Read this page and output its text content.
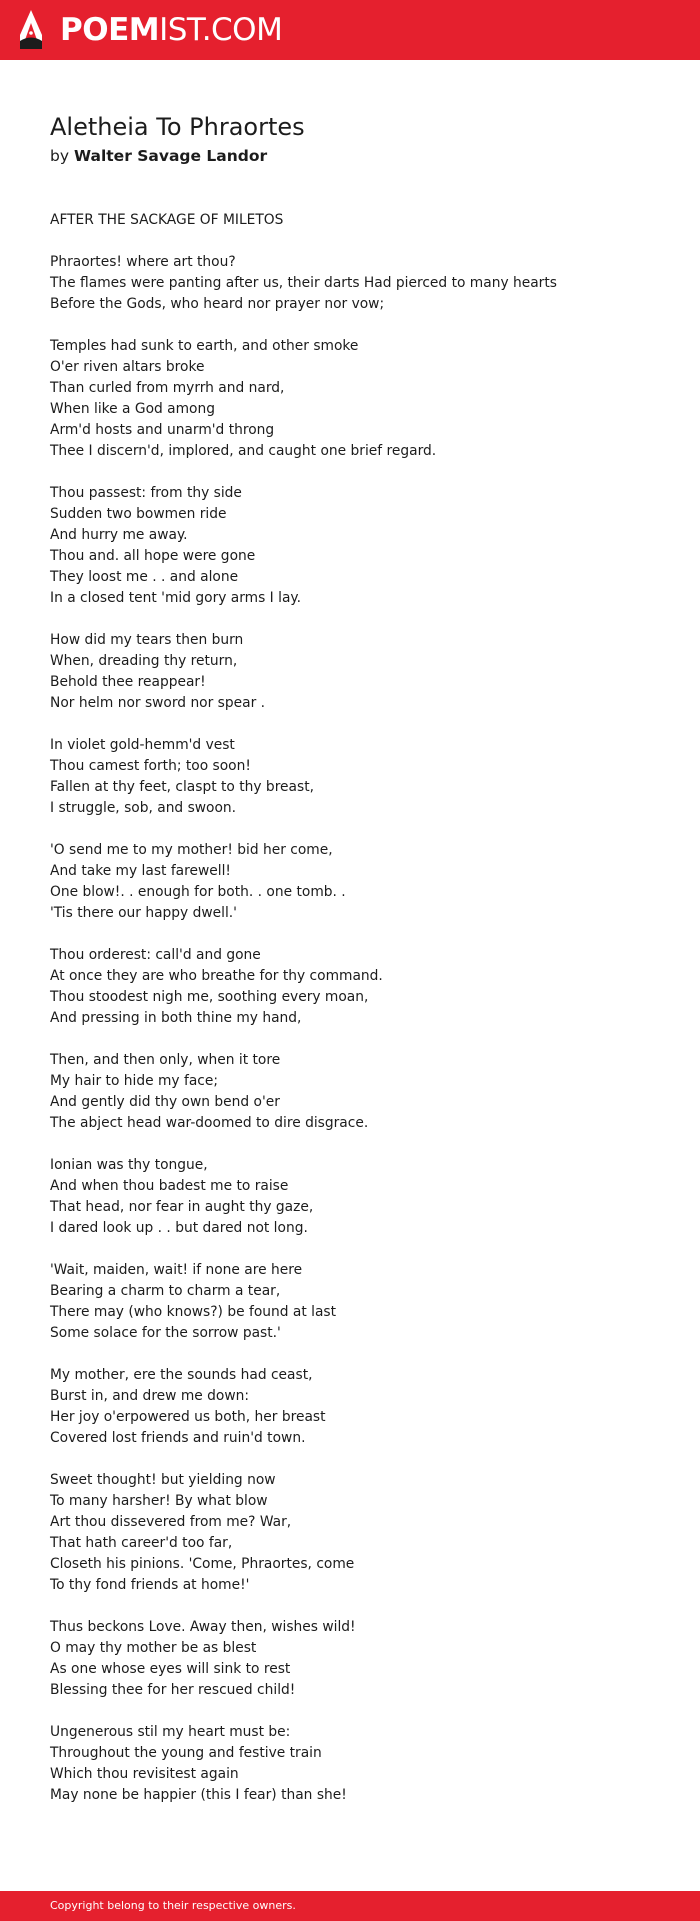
POEMIST.COM
Aletheia To Phraortes

by Walter Savage Landor

AFTER THE SACKAGE OF MILETOS

Phraortes! where art thou?
The flames were panting after us, their darts Had pierced to many hearts
Before the Gods, who heard nor prayer nor vow;

Temples had sunk to earth, and other smoke
O'er riven altars broke
Than curled from myrrh and nard,
When like a God among
Arm'd hosts and unarm'd throng
Thee I discern'd, implored, and caught one brief regard.

Thou passest: from thy side
Sudden two bowmen ride
And hurry me away.
Thou and. all hope were gone
They loost me . . and alone
In a closed tent 'mid gory arms I lay.

How did my tears then burn
When, dreading thy return,
Behold thee reappear!
Nor helm nor sword nor spear .

In violet gold-hemm'd vest
Thou camest forth; too soon!
Fallen at thy feet, claspt to thy breast,
I struggle, sob, and swoon.

'O send me to my mother! bid her come,
And take my last farewell!
One blow!. . enough for both. . one tomb. .
'Tis there our happy dwell.'

Thou orderest: call'd and gone
At once they are who breathe for thy command.
Thou stoodest nigh me, soothing every moan,
And pressing in both thine my hand,

Then, and then only, when it tore
My hair to hide my face;
And gently did thy own bend o'er
The abject head war-doomed to dire disgrace.

Ionian was thy tongue,
And when thou badest me to raise
That head, nor fear in aught thy gaze,
I dared look up . . but dared not long.

'Wait, maiden, wait! if none are here
Bearing a charm to charm a tear,
There may (who knows?) be found at last
Some solace for the sorrow past.'

My mother, ere the sounds had ceast,
Burst in, and drew me down:
Her joy o'erpowered us both, her breast
Covered lost friends and ruin'd town.

Sweet thought! but yielding now
To many harsher! By what blow
Art thou dissevered from me? War,
That hath career'd too far,
Closeth his pinions. 'Come, Phraortes, come
To thy fond friends at home!'

Thus beckons Love. Away then, wishes wild!
O may thy mother be as blest
As one whose eyes will sink to rest
Blessing thee for her rescued child!

Ungenerous stil my heart must be:
Throughout the young and festive train
Which thou revisitest again
May none be happier (this I fear) than she!

Copyright belong to their respective owners.
